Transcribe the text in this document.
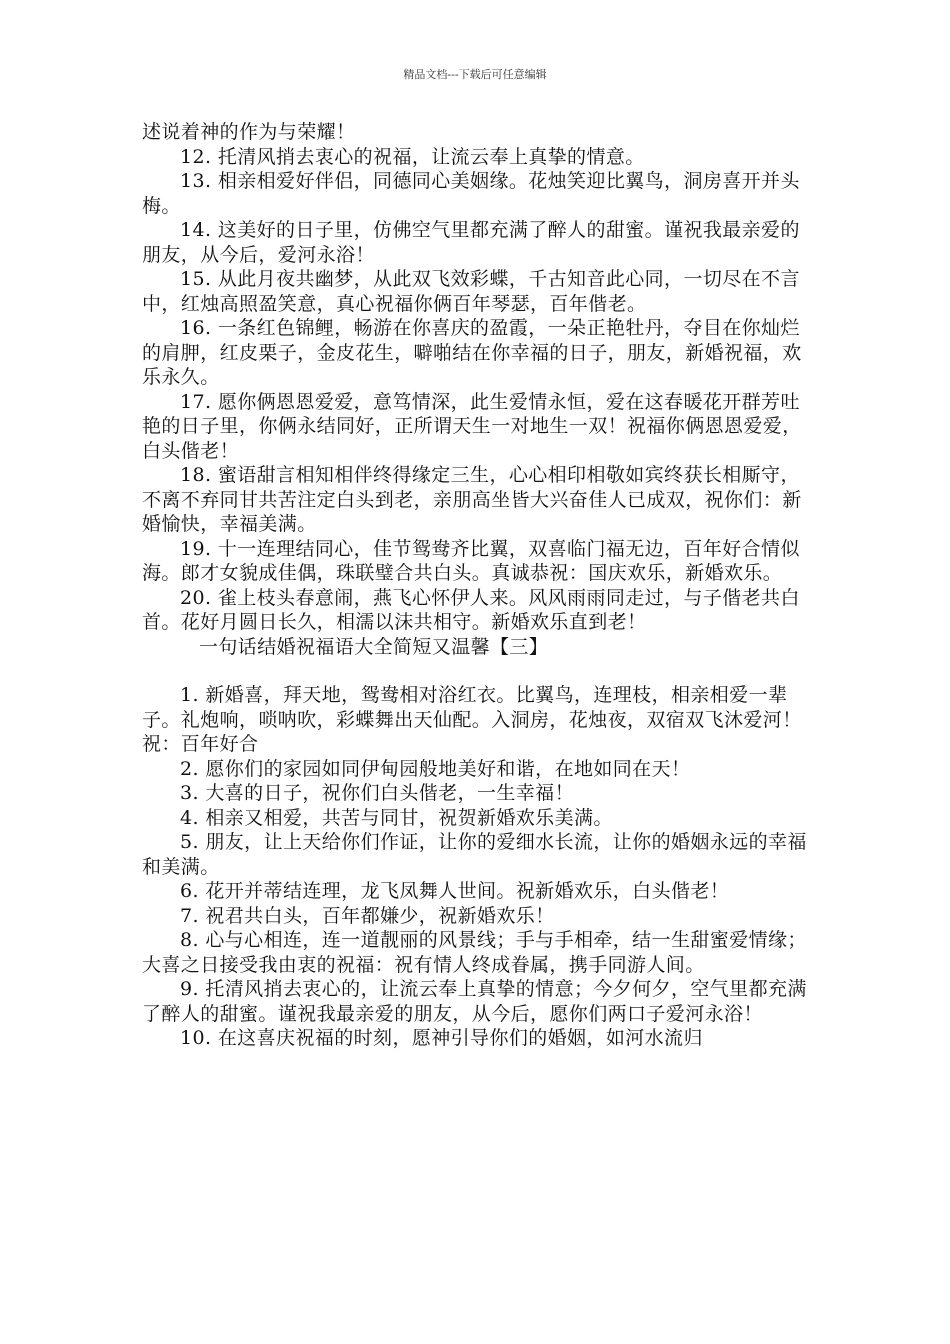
精品文档---下载后可任意编辑

述说着神的作为与荣耀！

12. 托清风捎去衷心的祝福，让流云奉上真挚的情意。

13. 相亲相爱好伴侣，同德同心美姻缘。花烛笑迎比翼鸟，洞房喜开并头梅。

14. 这美好的日子里，仿佛空气里都充满了醉人的甜蜜。谨祝我最亲爱的朋友，从今后，爱河永浴！

15. 从此月夜共幽梦，从此双飞效彩蝶，千古知音此心同，一切尽在不言中，红烛高照盈笑意，真心祝福你俩百年琴瑟，百年偕老。

16. 一条红色锦鲤，畅游在你喜庆的盈霞，一朵正艳牡丹，夺目在你灿烂的肩胛，红皮栗子，金皮花生，噼啪结在你幸福的日子，朋友，新婚祝福，欢乐永久。

17. 愿你俩恩恩爱爱，意笃情深，此生爱情永恒，爱在这春暖花开群芳吐艳的日子里，你俩永结同好，正所谓天生一对地生一双！祝福你俩恩恩爱爱，白头偕老！

18. 蜜语甜言相知相伴终得缘定三生，心心相印相敬如宾终获长相厮守，不离不弃同甘共苦注定白头到老，亲朋高坐皆大兴奋佳人已成双，祝你们：新婚愉快，幸福美满。

19. 十一连理结同心，佳节鸳鸯齐比翼，双喜临门福无边，百年好合情似海。郎才女貌成佳偶，珠联璧合共白头。真诚恭祝：国庆欢乐，新婚欢乐。

20. 雀上枝头春意闹，燕飞心怀伊人来。风风雨雨同走过，与子偕老共白首。花好月圆日长久，相濡以沫共相守。新婚欢乐直到老！

一句话结婚祝福语大全简短又温馨【三】

1. 新婚喜，拜天地，鸳鸯相对浴红衣。比翼鸟，连理枝，相亲相爱一辈子。礼炮响，唢呐吹，彩蝶舞出天仙配。入洞房，花烛夜，双宿双飞沐爱河！祝：百年好合

2. 愿你们的家园如同伊甸园般地美好和谐，在地如同在天！

3. 大喜的日子，祝你们白头偕老，一生幸福！

4. 相亲又相爱，共苦与同甘，祝贺新婚欢乐美满。

5. 朋友，让上天给你们作证，让你的爱细水长流，让你的婚姻永远的幸福和美满。

6. 花开并蒂结连理，龙飞凤舞人世间。祝新婚欢乐，白头偕老！

7. 祝君共白头，百年都嫌少，祝新婚欢乐！

8. 心与心相连，连一道靓丽的风景线；手与手相牵，结一生甜蜜爱情缘；大喜之日接受我由衷的祝福：祝有情人终成眷属，携手同游人间。

9. 托清风捎去衷心的，让流云奉上真挚的情意；今夕何夕，空气里都充满了醉人的甜蜜。谨祝我最亲爱的朋友，从今后，愿你们两口子爱河永浴！

10. 在这喜庆祝福的时刻，愿神引导你们的婚姻，如河水流归
